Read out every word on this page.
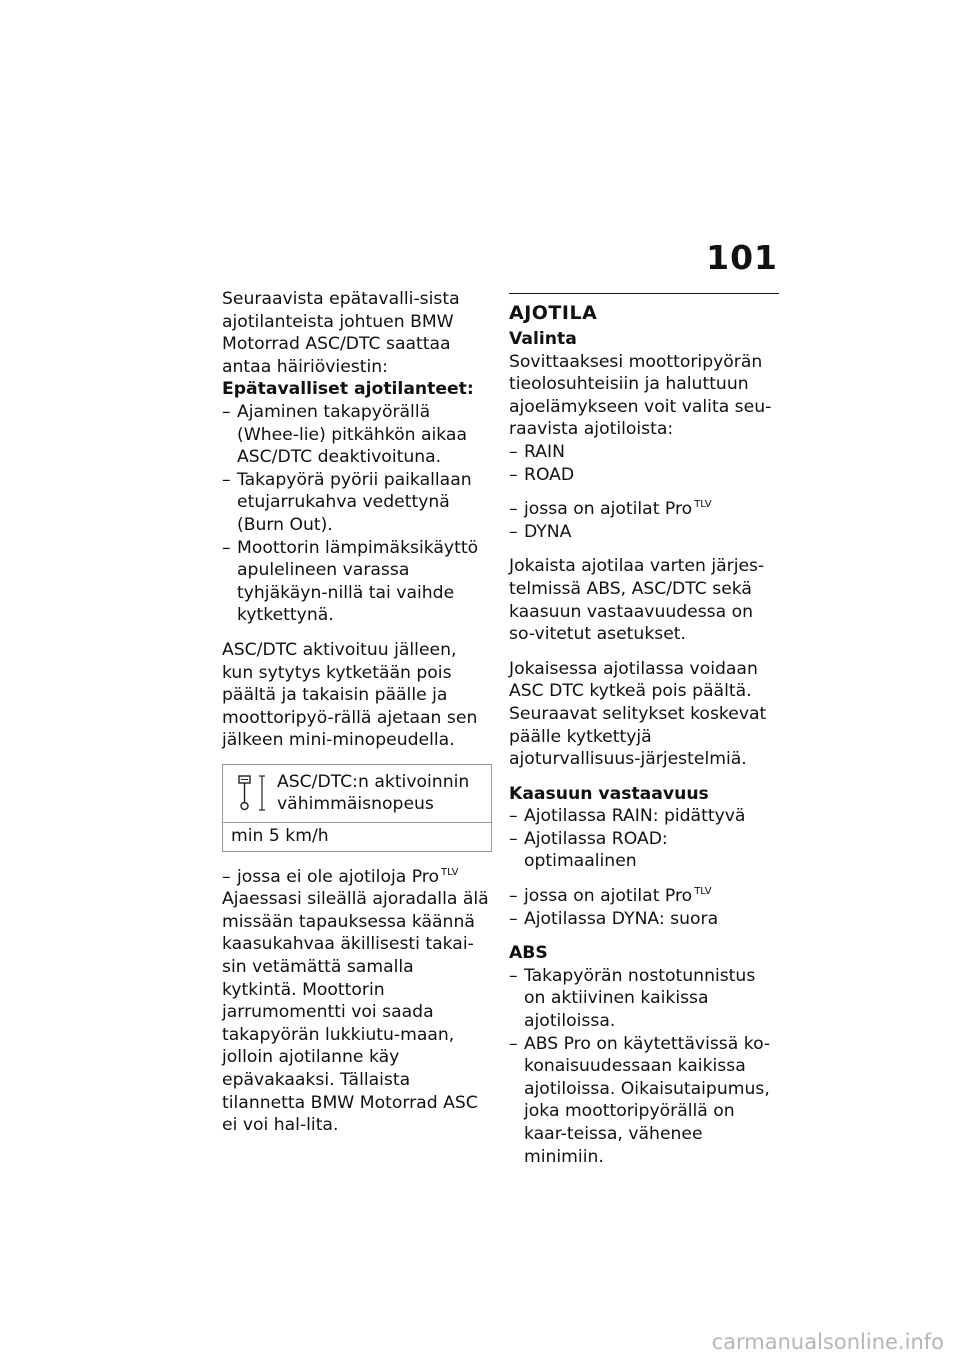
101

Seuraavista epätavalli-sista ajotilanteista johtuen BMW Motorrad ASC/DTC saattaa antaa häiriöviestin:

Epätavalliset ajotilanteet:

– Ajaminen takapyörällä (Whee-lie) pitkähkön aikaa ASC/DTC deaktivoituna.
– Takapyörä pyörii paikallaan etujarrukahva vedettynä (Burn Out).
– Moottorin lämpimäksikäyttö apulelineen varassa tyhjäkäyn-nillä tai vaihde kytkettynä.

ASC/DTC aktivoituu jälleen, kun sytytys kytketään pois päältä ja takaisin päälle ja moottoripyö-rällä ajetaan sen jälkeen mini-minopeudella.

ASC/DTC:n aktivoinnin vähimmäisnopeus
min 5 km/h
– jossa ei ole ajotiloja Pro $^{TLV}$

Ajaessasi sileällä ajoradalla älä missään tapauksessa käännä kaasukahvaa äkillisesti takai-sin vetämättä samalla kytkintä. Moottorin jarrumomentti voi saada takapyörän lukkiutu-maan, jolloin ajotilanne käy epävakaaksi. Tällaista tilannetta BMW Motorrad ASC ei voi hal-lita.

AJOTILA
Valinta

Sovittaaksesi moottoripyörän tieolosuhteisiin ja haluttuun ajoelämykseen voit valita seu-raavista ajotiloista:

– RAIN
– ROAD
– jossa on ajotilat Pro $^{TLV}$
– DYNA

Jokaista ajotilaa varten järjes-telmissä ABS, ASC/DTC sekä kaasuun vastaavuudessa on so-vitetut asetukset.

Jokaisessa ajotilassa voidaan ASC DTC kytkeä pois päältä. Seuraavat selitykset koskevat päälle kytkettyjä ajoturvallisuus-järjestelmiä.

Kaasuun vastaavuus
– Ajotilassa RAIN: pidättyvä
– Ajotilassa ROAD: optimaalinen
– jossa on ajotilat Pro $^{TLV}$
– Ajotilassa DYNA: suora
ABS
– Takapyörän nostotunnistus on aktiivinen kaikissa ajotiloissa.
– ABS Pro on käytettävissä ko-konaisuudessaan kaikissa ajotiloissa. Oikaisutaipumus, joka moottoripyörällä on kaar-teissa, vähenee minimiin.
carmanualsonline.info
